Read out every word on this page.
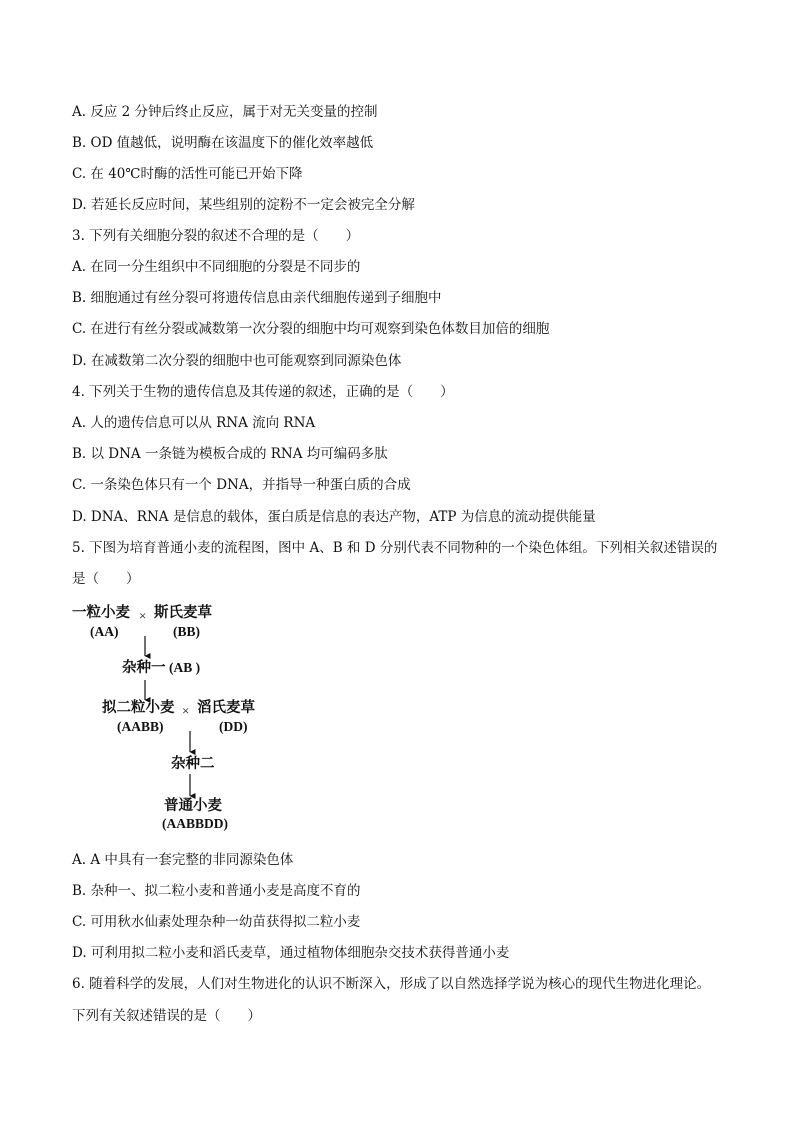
A. 反应 2 分钟后终止反应，属于对无关变量的控制
B. OD 值越低，说明酶在该温度下的催化效率越低
C. 在 40℃时酶的活性可能已开始下降
D. 若延长反应时间，某些组别的淀粉不一定会被完全分解
3. 下列有关细胞分裂的叙述不合理的是（　　）
A. 在同一分生组织中不同细胞的分裂是不同步的
B. 细胞通过有丝分裂可将遗传信息由亲代细胞传递到子细胞中
C. 在进行有丝分裂或减数第一次分裂的细胞中均可观察到染色体数目加倍的细胞
D. 在减数第二次分裂的细胞中也可能观察到同源染色体
4. 下列关于生物的遗传信息及其传递的叙述，正确的是（　　）
A. 人的遗传信息可以从 RNA 流向 RNA
B. 以 DNA 一条链为模板合成的 RNA 均可编码多肽
C. 一条染色体只有一个 DNA，并指导一种蛋白质的合成
D. DNA、RNA 是信息的载体，蛋白质是信息的表达产物，ATP 为信息的流动提供能量
5. 下图为培育普通小麦的流程图，图中 A、B 和 D 分别代表不同物种的一个染色体组。下列相关叙述错误的
是（　　）
一粒小麦
(AA)
× 斯氏麦草
(BB)
杂种一 (AB )
拟二粒小麦
(AABB)
× 滔氏麦草
(DD)
杂种二
普通小麦
(AABBDD)
A. A 中具有一套完整的非同源染色体
B. 杂种一、拟二粒小麦和普通小麦是高度不育的
C. 可用秋水仙素处理杂种一幼苗获得拟二粒小麦
D. 可利用拟二粒小麦和滔氏麦草，通过植物体细胞杂交技术获得普通小麦
6. 随着科学的发展，人们对生物进化的认识不断深入，形成了以自然选择学说为核心的现代生物进化理论。
下列有关叙述错误的是（　　）
